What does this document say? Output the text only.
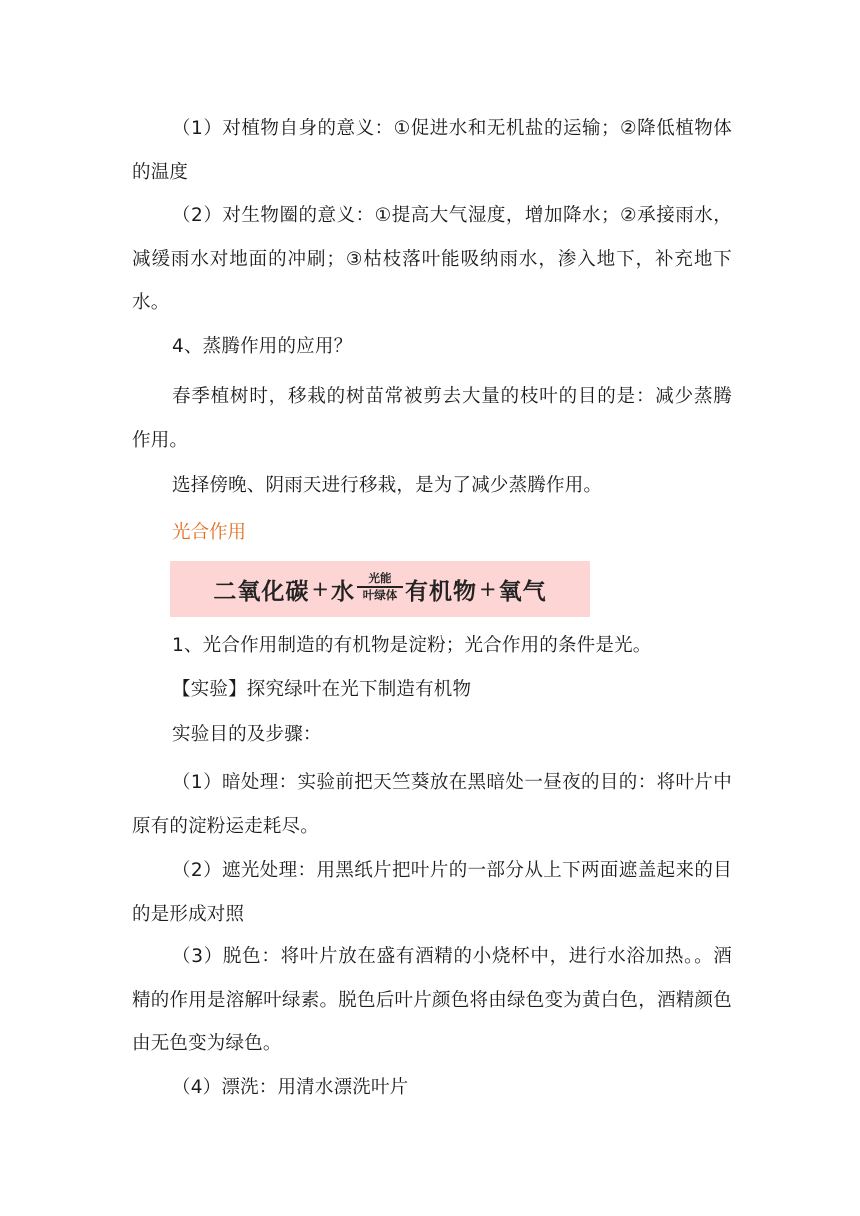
（1）对植物自身的意义：①促进水和无机盐的运输；②降低植物体的温度

（2）对生物圈的意义：①提高大气湿度，增加降水；②承接雨水，减缓雨水对地面的冲刷；③枯枝落叶能吸纳雨水，渗入地下，补充地下水。

4、蒸腾作用的应用？

春季植树时，移栽的树苗常被剪去大量的枝叶的目的是：减少蒸腾作用。

选择傍晚、阴雨天进行移栽，是为了减少蒸腾作用。

光合作用

二氧化碳 + 水
光能
叶绿体 有机物 + 氧气

1、光合作用制造的有机物是淀粉；光合作用的条件是光。

【实验】探究绿叶在光下制造有机物

实验目的及步骤：

（1）暗处理：实验前把天竺葵放在黑暗处一昼夜的目的：将叶片中原有的淀粉运走耗尽。

（2）遮光处理：用黑纸片把叶片的一部分从上下两面遮盖起来的目的是形成对照

（3）脱色：将叶片放在盛有酒精的小烧杯中，进行水浴加热。。酒精的作用是溶解叶绿素。脱色后叶片颜色将由绿色变为黄白色，酒精颜色由无色变为绿色。

（4）漂洗：用清水漂洗叶片
